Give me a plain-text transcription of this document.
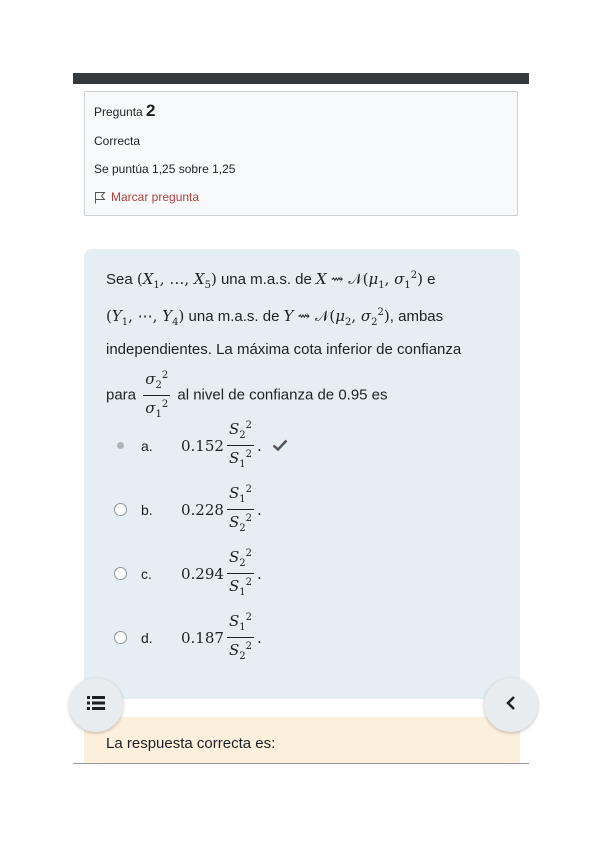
Pregunta 2
Correcta
Se puntúa 1,25 sobre 1,25
Marcar pregunta
Sea ($X_1$, …, $X_5$) una m.a.s. de X ⇝ $𝒩(\mu_1$, $\sigma_1^2$) e
($Y_1$, ⋯, $Y_4$) una m.a.s. de Y ⇝ $𝒩(\mu_2$, $\sigma_2^2$), ambas
independientes. La máxima cota inferior de confianza
para $\frac{\sigma_2^2}{\sigma_1^2}$ al nivel de confianza de 0.95 es
a.	$0.152 \frac{S_2^2}{S_1^2}$ .
b.	$0.228 \frac{S_1^2}{S_2^2}$ .
c.	$0.294 \frac{S_2^2}{S_1^2}$ .
d.	$0.187 \frac{S_1^2}{S_2^2}$ .
La respuesta correcta es:
